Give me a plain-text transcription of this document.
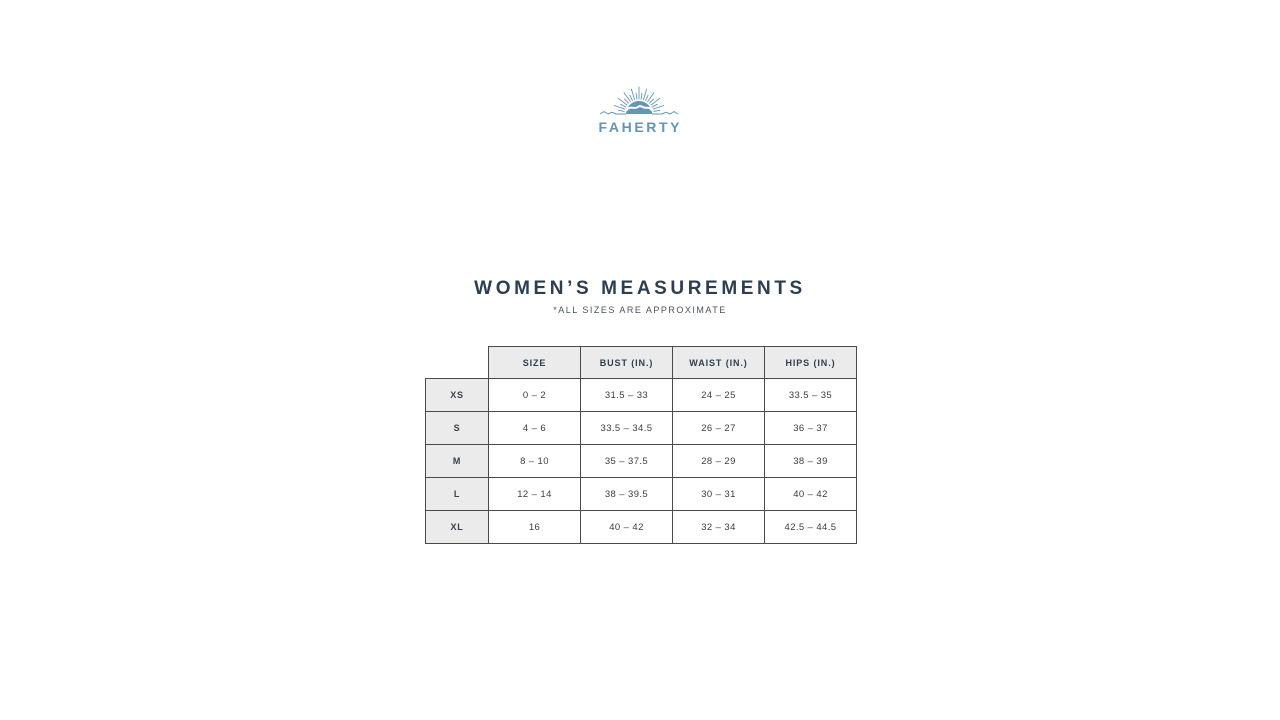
FAHERTY
WOMEN’S MEASUREMENTS

*ALL SIZES ARE APPROXIMATE

	SIZE	BUST (IN.)	WAIST (IN.)	HIPS (IN.)
XS	0 – 2	31.5 – 33	24 – 25	33.5 – 35
S	4 – 6	33.5 – 34.5	26 – 27	36 – 37
M	8 – 10	35 – 37.5	28 – 29	38 – 39
L	12 – 14	38 – 39.5	30 – 31	40 – 42
XL	16	40 – 42	32 – 34	42.5 – 44.5
